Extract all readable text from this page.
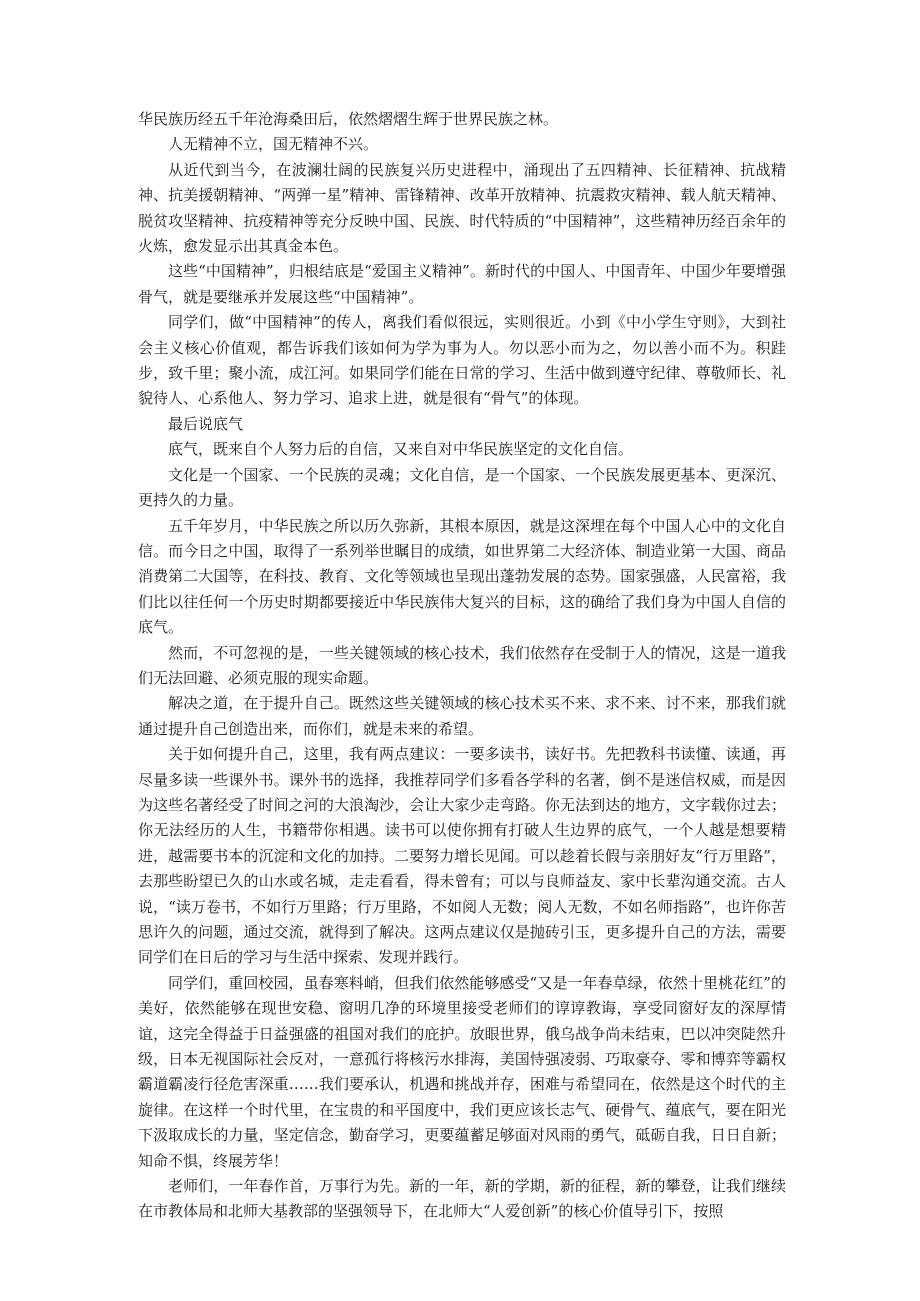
华民族历经五千年沧海桑田后，依然熠熠生辉于世界民族之林。

人无精神不立，国无精神不兴。

从近代到当今，在波澜壮阔的民族复兴历史进程中，涌现出了五四精神、长征精神、抗战精神、抗美援朝精神、“两弹一星”精神、雷锋精神、改革开放精神、抗震救灾精神、载人航天精神、脱贫攻坚精神、抗疫精神等充分反映中国、民族、时代特质的“中国精神”，这些精神历经百余年的火炼，愈发显示出其真金本色。

这些“中国精神”，归根结底是“爱国主义精神”。新时代的中国人、中国青年、中国少年要增强骨气，就是要继承并发展这些“中国精神”。

同学们，做“中国精神”的传人，离我们看似很远，实则很近。小到《中小学生守则》，大到社会主义核心价值观，都告诉我们该如何为学为事为人。勿以恶小而为之，勿以善小而不为。积跬步，致千里；聚小流，成江河。如果同学们能在日常的学习、生活中做到遵守纪律、尊敬师长、礼貌待人、心系他人、努力学习、追求上进，就是很有“骨气”的体现。

最后说底气

底气，既来自个人努力后的自信，又来自对中华民族坚定的文化自信。

文化是一个国家、一个民族的灵魂；文化自信，是一个国家、一个民族发展更基本、更深沉、更持久的力量。

五千年岁月，中华民族之所以历久弥新，其根本原因，就是这深埋在每个中国人心中的文化自信。而今日之中国，取得了一系列举世瞩目的成绩，如世界第二大经济体、制造业第一大国、商品消费第二大国等，在科技、教育、文化等领域也呈现出蓬勃发展的态势。国家强盛，人民富裕，我们比以往任何一个历史时期都要接近中华民族伟大复兴的目标，这的确给了我们身为中国人自信的底气。

然而，不可忽视的是，一些关键领域的核心技术，我们依然存在受制于人的情况，这是一道我们无法回避、必须克服的现实命题。

解决之道，在于提升自己。既然这些关键领域的核心技术买不来、求不来、讨不来，那我们就通过提升自己创造出来，而你们，就是未来的希望。

关于如何提升自己，这里，我有两点建议：一要多读书，读好书。先把教科书读懂、读通，再尽量多读一些课外书。课外书的选择，我推荐同学们多看各学科的名著，倒不是迷信权威，而是因为这些名著经受了时间之河的大浪淘沙，会让大家少走弯路。你无法到达的地方，文字载你过去；你无法经历的人生，书籍带你相遇。读书可以使你拥有打破人生边界的底气，一个人越是想要精进，越需要书本的沉淀和文化的加持。二要努力增长见闻。可以趁着长假与亲朋好友“行万里路”，去那些盼望已久的山水或名城，走走看看，得未曾有；可以与良师益友、家中长辈沟通交流。古人说，“读万卷书，不如行万里路；行万里路，不如阅人无数；阅人无数，不如名师指路”，也许你苦思许久的问题，通过交流，就得到了解决。这两点建议仅是抛砖引玉，更多提升自己的方法，需要同学们在日后的学习与生活中探索、发现并践行。

同学们，重回校园，虽春寒料峭，但我们依然能够感受“又是一年春草绿，依然十里桃花红”的美好，依然能够在现世安稳、窗明几净的环境里接受老师们的谆谆教诲，享受同窗好友的深厚情谊，这完全得益于日益强盛的祖国对我们的庇护。放眼世界，俄乌战争尚未结束，巴以冲突陡然升级，日本无视国际社会反对，一意孤行将核污水排海，美国恃强凌弱、巧取豪夺、零和博弈等霸权霸道霸凌行径危害深重……我们要承认，机遇和挑战并存，困难与希望同在，依然是这个时代的主旋律。在这样一个时代里，在宝贵的和平国度中，我们更应该长志气、硬骨气、蕴底气，要在阳光下汲取成长的力量，坚定信念，勤奋学习，更要蕴蓄足够面对风雨的勇气，砥砺自我，日日自新；知命不惧，终展芳华！

老师们，一年春作首，万事行为先。新的一年，新的学期，新的征程，新的攀登，让我们继续在市教体局和北师大基教部的坚强领导下，在北师大“人爱创新”的核心价值导引下，按照
